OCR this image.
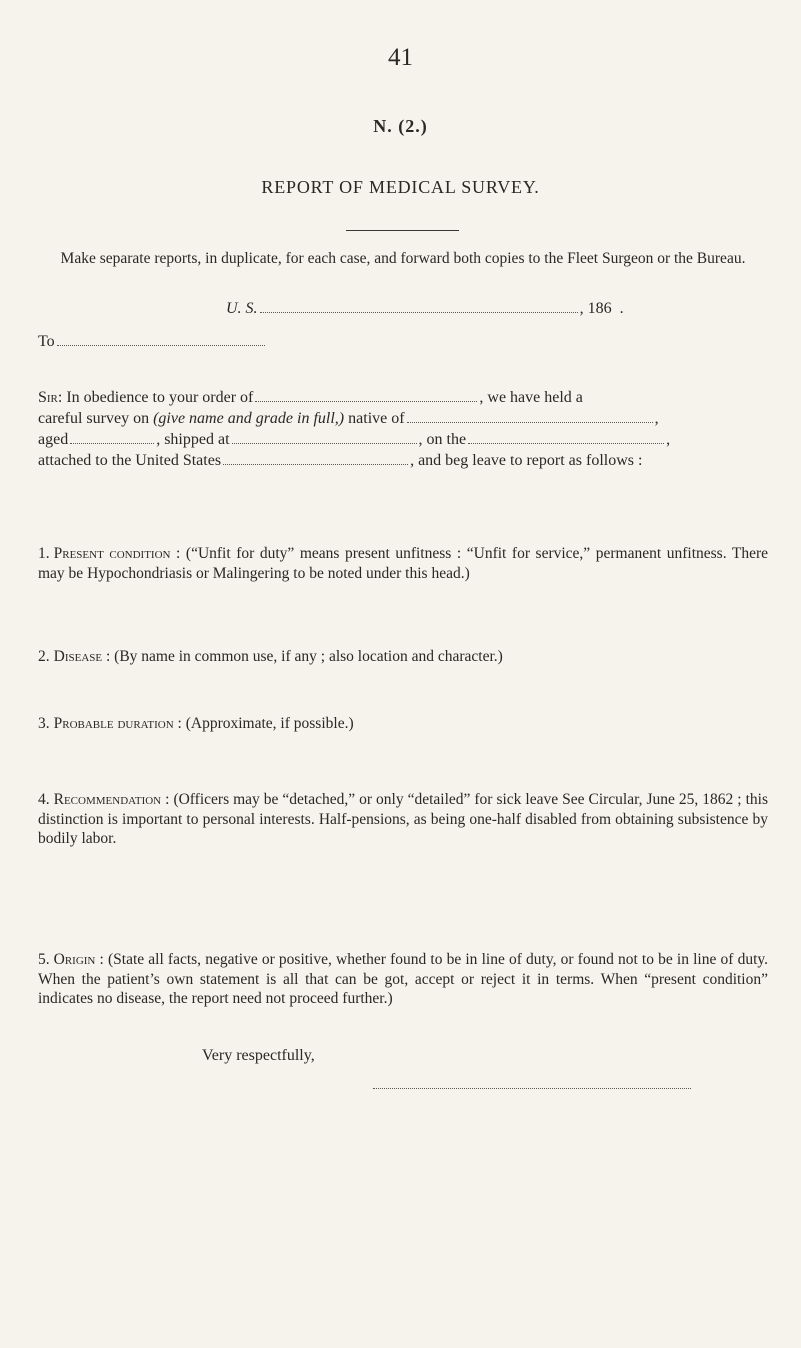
41
N. (2.)
REPORT OF MEDICAL SURVEY.
Make separate reports, in duplicate, for each case, and forward both copies to the Fleet Surgeon or the Bureau.
U. S.	, 186 .
To
Sir: In obedience to your order of	, we have held a
careful survey on (give name and grade in full,) native of	,
aged	, shipped at	, on the	,
attached to the United States	, and beg leave to report as follows :
1. Present condition : (“Unfit for duty” means present unfitness : “Unfit for service,” permanent unfitness. There may be Hypochondriasis or Malingering to be noted under this head.)
2. Disease : (By name in common use, if any ; also location and character.)
3. Probable duration : (Approximate, if possible.)
4. Recommendation : (Officers may be “detached,” or only “detailed” for sick leave See Circular, June 25, 1862 ; this distinction is important to personal interests. Half-pensions, as being one-half disabled from obtaining subsistence by bodily labor.
5. Origin : (State all facts, negative or positive, whether found to be in line of duty, or found not to be in line of duty. When the patient’s own statement is all that can be got, accept or reject it in terms. When “present condition” indicates no disease, the report need not proceed further.)
Very respectfully,
